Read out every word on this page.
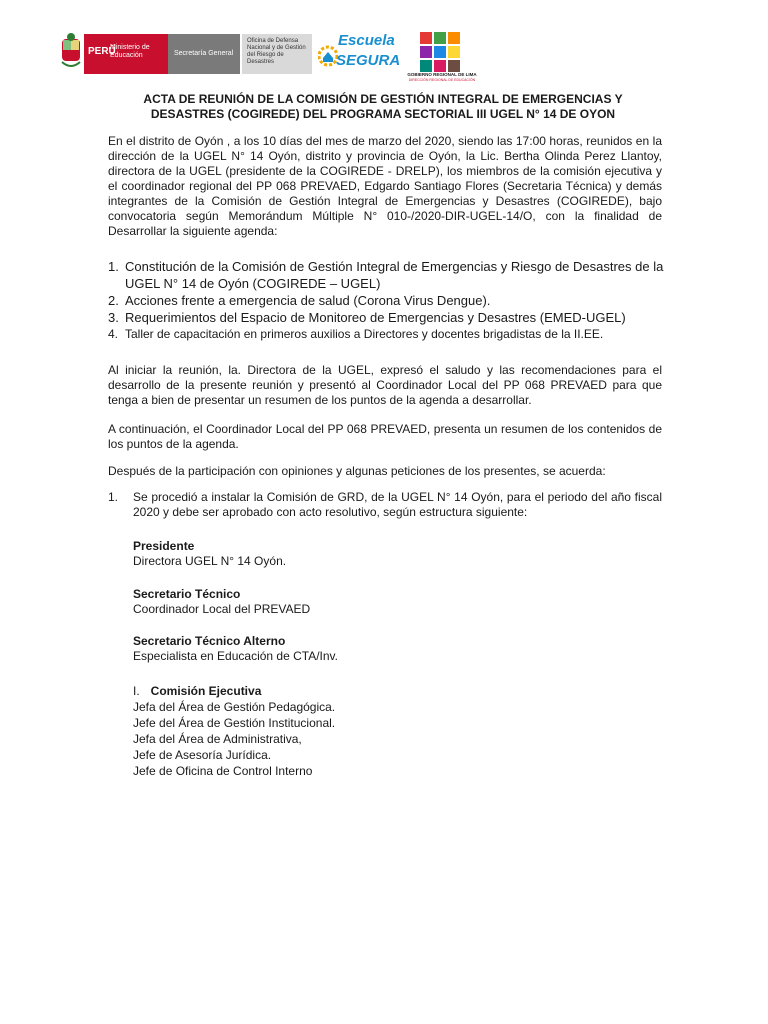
PERÚ
Ministerio de Educación	Secretaría General
Oficina de Defensa Nacional y de Gestión del Riesgo de Desastres
Escuela
SEGURA
GOBIERNO REGIONAL DE LIMA
DIRECCIÓN REGIONAL DE EDUCACIÓN
ACTA DE REUNIÓN DE LA COMISIÓN DE GESTIÓN INTEGRAL DE EMERGENCIAS Y DESASTRES (COGIREDE) DEL PROGRAMA SECTORIAL III UGEL N° 14 DE OYON
En el distrito de Oyón , a los 10 días del mes de marzo del 2020, siendo las 17:00 horas, reunidos en la dirección de la UGEL N° 14 Oyón, distrito y provincia de Oyón, la Lic. Bertha Olinda Perez Llantoy, directora de la UGEL (presidente de la COGIREDE - DRELP), los miembros de la comisión ejecutiva y el coordinador regional del PP 068 PREVAED, Edgardo Santiago Flores (Secretaria Técnica) y demás integrantes de la Comisión de Gestión Integral de Emergencias y Desastres (COGIREDE), bajo convocatoria según Memorándum Múltiple N° 010-/2020-DIR-UGEL-14/O, con la finalidad de Desarrollar la siguiente agenda:
1. Constitución de la Comisión de Gestión Integral de Emergencias y Riesgo de Desastres de la UGEL N° 14 de Oyón (COGIREDE – UGEL)
2. Acciones frente a emergencia de salud (Corona Virus Dengue).
3. Requerimientos del Espacio de Monitoreo de Emergencias y Desastres (EMED-UGEL)
4. Taller de capacitación en primeros auxilios a Directores y docentes brigadistas de la II.EE.
Al iniciar la reunión, la. Directora de la UGEL, expresó el saludo y las recomendaciones para el desarrollo de la presente reunión y presentó al Coordinador Local del PP 068 PREVAED para que tenga a bien de presentar un resumen de los puntos de la agenda a desarrollar.
A continuación, el Coordinador Local del PP 068 PREVAED, presenta un resumen de los contenidos de los puntos de la agenda.
Después de la participación con opiniones y algunas peticiones de los presentes, se acuerda:
1. Se procedió a instalar la Comisión de GRD, de la UGEL N° 14 Oyón, para el periodo del año fiscal 2020 y debe ser aprobado con acto resolutivo, según estructura siguiente:
Presidente
Directora UGEL N° 14 Oyón.
Secretario Técnico
Coordinador Local del PREVAED
Secretario Técnico Alterno
Especialista en Educación de CTA/Inv.
I. Comisión Ejecutiva
Jefa del Área de Gestión Pedagógica.
Jefe del Área de Gestión Institucional.
Jefa del Área de Administrativa,
Jefe de Asesoría Jurídica.
Jefe de Oficina de Control Interno
